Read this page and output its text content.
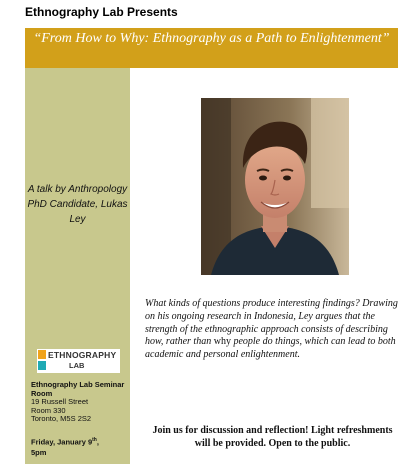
Ethnography Lab Presents
“From How to Why: Ethnography as a Path to Enlightenment”
A talk by Anthropology PhD Candidate, Lukas Ley
ETHNOGRAPHY
LAB
Ethnography Lab Seminar Room
19 Russell Street
Room 330
Toronto, M5S 2S2
Friday, January 9th,
5pm
What kinds of questions produce interesting findings? Drawing on his ongoing research in Indonesia, Ley argues that the strength of the ethnographic approach consists of describing how, rather than why people do things, which can lead to both academic and personal enlightenment.
Join us for discussion and reflection! Light refreshments will be provided. Open to the public.
